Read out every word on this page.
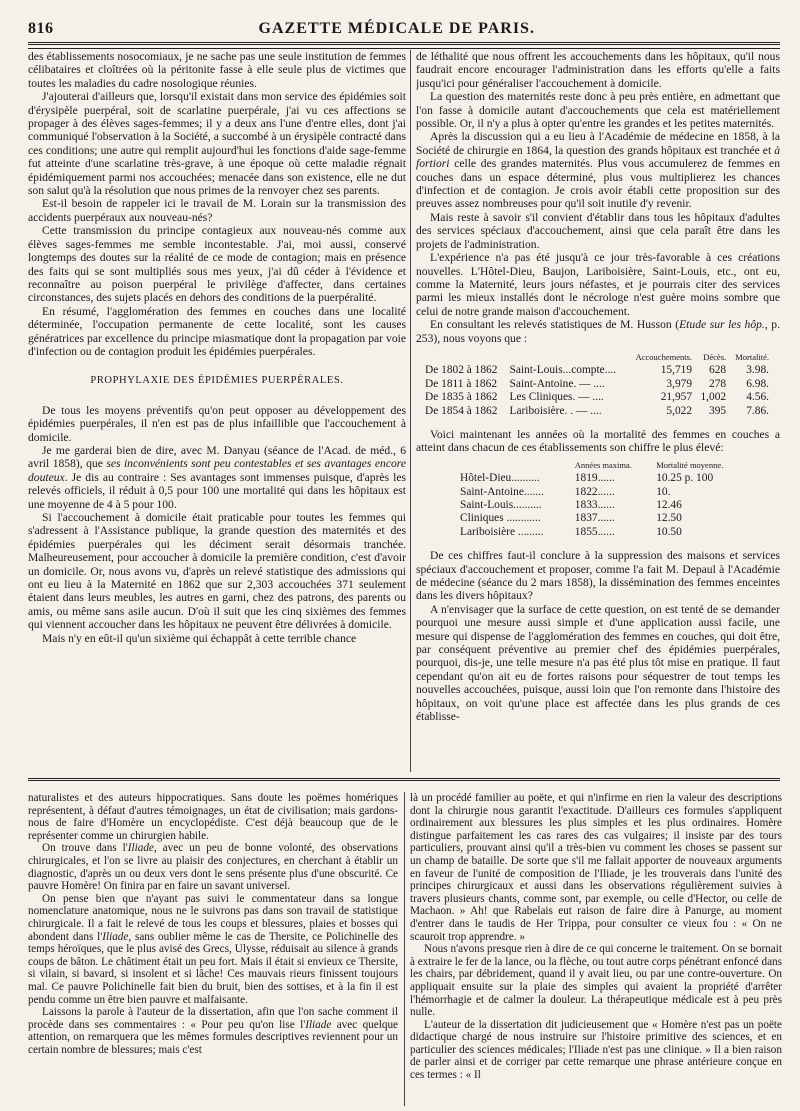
816	GAZETTE MÉDICALE DE PARIS.

des établissements nosocomiaux, je ne sache pas une seule institution de femmes célibataires et cloîtrées où la péritonite fasse à elle seule plus de victimes que toutes les maladies du cadre nosologique réunies.

J'ajouterai d'ailleurs que, lorsqu'il existait dans mon service des épidémies soit d'érysipèle puerpéral, soit de scarlatine puerpérale, j'ai vu ces affections se propager à des élèves sages-femmes; il y a deux ans l'une d'entre elles, dont j'ai communiqué l'observation à la Société, a succombé à un érysipèle contracté dans ces conditions; une autre qui remplit aujourd'hui les fonctions d'aide sage-femme fut atteinte d'une scarlatine très-grave, à une époque où cette maladie régnait épidémiquement parmi nos accouchées; menacée dans son existence, elle ne dut son salut qu'à la résolution que nous primes de la renvoyer chez ses parents.

Est-il besoin de rappeler ici le travail de M. Lorain sur la transmission des accidents puerpéraux aux nouveau-nés?

Cette transmission du principe contagieux aux nouveau-nés comme aux élèves sages-femmes me semble incontestable. J'ai, moi aussi, conservé longtemps des doutes sur la réalité de ce mode de contagion; mais en présence des faits qui se sont multipliés sous mes yeux, j'ai dû céder à l'évidence et reconnaître au poison puerpéral le privilège d'affecter, dans certaines circonstances, des sujets placés en dehors des conditions de la puerpéralité.

En résumé, l'agglomération des femmes en couches dans une localité déterminée, l'occupation permanente de cette localité, sont les causes génératrices par excellence du principe miasmatique dont la propagation par voie d'infection ou de contagion produit les épidémies puerpérales.

PROPHYLAXIE DES ÉPIDÉMIES PUERPÉRALES.

De tous les moyens préventifs qu'on peut opposer au développement des épidémies puerpérales, il n'en est pas de plus infaillible que l'accouchement à domicile.

Je me garderai bien de dire, avec M. Danyau (séance de l'Acad. de méd., 6 avril 1858), que ses inconvénients sont peu contestables et ses avantages encore douteux. Je dis au contraire : Ses avantages sont immenses puisque, d'après les relevés officiels, il réduit à 0,5 pour 100 une mortalité qui dans les hôpitaux est une moyenne de 4 à 5 pour 100.

Si l'accouchement à domicile était praticable pour toutes les femmes qui s'adressent à l'Assistance publique, la grande question des maternités et des épidémies puerpérales qui les déciment serait désormais tranchée. Malheureusement, pour accoucher à domicile la première condition, c'est d'avoir un domicile. Or, nous avons vu, d'après un relevé statistique des admissions qui ont eu lieu à la Maternité en 1862 que sur 2,303 accouchées 371 seulement étaient dans leurs meubles, les autres en garni, chez des patrons, des parents ou amis, ou même sans asile aucun. D'où il suit que les cinq sixièmes des femmes qui viennent accoucher dans les hôpitaux ne peuvent être délivrées à domicile.

Mais n'y en eût-il qu'un sixième qui échappât à cette terrible chance

de léthalité que nous offrent les accouchements dans les hôpitaux, qu'il nous faudrait encore encourager l'administration dans les efforts qu'elle a faits jusqu'ici pour généraliser l'accouchement à domicile.

La question des maternités reste donc à peu près entière, en admettant que l'on fasse à domicile autant d'accouchements que cela est matériellement possible. Or, il n'y a plus à opter qu'entre les grandes et les petites maternités.

Après la discussion qui a eu lieu à l'Académie de médecine en 1858, à la Société de chirurgie en 1864, la question des grands hôpitaux est tranchée et à fortiori celle des grandes maternités. Plus vous accumulerez de femmes en couches dans un espace déterminé, plus vous multiplierez les chances d'infection et de contagion. Je crois avoir établi cette proposition sur des preuves assez nombreuses pour qu'il soit inutile d'y revenir.

Mais reste à savoir s'il convient d'établir dans tous les hôpitaux d'adultes des services spéciaux d'accouchement, ainsi que cela paraît être dans les projets de l'administration.

L'expérience n'a pas été jusqu'à ce jour très-favorable à ces créations nouvelles. L'Hôtel-Dieu, Baujon, Lariboisière, Saint-Louis, etc., ont eu, comme la Maternité, leurs jours néfastes, et je pourrais citer des services parmi les mieux installés dont le nécrologe n'est guère moins sombre que celui de notre grande maison d'accouchement.

En consultant les relevés statistiques de M. Husson (Etude sur les hôp., p. 253), nous voyons que :

		Accouchements.	Décès.	Mortalité.
De 1802 à 1862	Saint-Louis...compte....	15,719	628	3.98.
De 1811 à 1862	Saint-Antoine. — ....	3,979	278	6.98.
De 1835 à 1862	Les Cliniques. — ....	21,957	1,002	4.56.
De 1854 à 1862	Lariboisière. . — ....	5,022	395	7.86.

Voici maintenant les années où la mortalité des femmes en couches a atteint dans chacun de ces établissements son chiffre le plus élevé:

	Années maxima.	Mortalité moyenne.
Hôtel-Dieu..........	1819......	10.25 p. 100
Saint-Antoine.......	1822......	10.
Saint-Louis..........	1833......	12.46
Cliniques ............	1837......	12.50
Lariboisière .........	1855......	10.50

De ces chiffres faut-il conclure à la suppression des maisons et services spéciaux d'accouchement et proposer, comme l'a fait M. Depaul à l'Académie de médecine (séance du 2 mars 1858), la dissémination des femmes enceintes dans les divers hôpitaux?

A n'envisager que la surface de cette question, on est tenté de se demander pourquoi une mesure aussi simple et d'une application aussi facile, une mesure qui dispense de l'agglomération des femmes en couches, qui doit être, par conséquent préventive au premier chef des épidémies puerpérales, pourquoi, dis-je, une telle mesure n'a pas été plus tôt mise en pratique. Il faut cependant qu'on ait eu de fortes raisons pour séquestrer de tout temps les nouvelles accouchées, puisque, aussi loin que l'on remonte dans l'histoire des hôpitaux, on voit qu'une place est affectée dans les plus grands de ces établisse-

naturalistes et des auteurs hippocratiques. Sans doute les poëmes homériques représentent, à défaut d'autres témoignages, un état de civilisation; mais gardons-nous de faire d'Homère un encyclopédiste. C'est déjà beaucoup que de le représenter comme un chirurgien habile.

On trouve dans l'Iliade, avec un peu de bonne volonté, des observations chirurgicales, et l'on se livre au plaisir des conjectures, en cherchant à établir un diagnostic, d'après un ou deux vers dont le sens présente plus d'une obscurité. Ce pauvre Homère! On finira par en faire un savant universel.

On pense bien que n'ayant pas suivi le commentateur dans sa longue nomenclature anatomique, nous ne le suivrons pas dans son travail de statistique chirurgicale. Il a fait le relevé de tous les coups et blessures, plaies et bosses qui abondent dans l'Iliade, sans oublier même le cas de Thersite, ce Polichinelle des temps héroïques, que le plus avisé des Grecs, Ulysse, réduisait au silence à grands coups de bâton. Le châtiment était un peu fort. Mais il était si envieux ce Thersite, si vilain, si bavard, si insolent et si lâche! Ces mauvais rieurs finissent toujours mal. Ce pauvre Polichinelle fait bien du bruit, bien des sottises, et à la fin il est pendu comme un être bien pauvre et malfaisante.

Laissons la parole à l'auteur de la dissertation, afin que l'on sache comment il procède dans ses commentaires : « Pour peu qu'on lise l'Iliade avec quelque attention, on remarquera que les mêmes formules descriptives reviennent pour un certain nombre de blessures; mais c'est

là un procédé familier au poëte, et qui n'infirme en rien la valeur des descriptions dont la chirurgie nous garantit l'exactitude. D'ailleurs ces formules s'appliquent ordinairement aux blessures les plus simples et les plus ordinaires. Homère distingue parfaitement les cas rares des cas vulgaires; il insiste par des tours particuliers, prouvant ainsi qu'il a très-bien vu comment les choses se passent sur un champ de bataille. De sorte que s'il me fallait apporter de nouveaux arguments en faveur de l'unité de composition de l'Iliade, je les trouverais dans l'unité des principes chirurgicaux et aussi dans les observations régulièrement suivies à travers plusieurs chants, comme sont, par exemple, ou celle d'Hector, ou celle de Machaon. » Ah! que Rabelais eut raison de faire dire à Panurge, au moment d'entrer dans le taudis de Her Trippa, pour consulter ce vieux fou : « On ne scauroit trop apprendre. »

Nous n'avons presque rien à dire de ce qui concerne le traitement. On se bornait à extraire le fer de la lance, ou la flèche, ou tout autre corps pénétrant enfoncé dans les chairs, par débridement, quand il y avait lieu, ou par une contre-ouverture. On appliquait ensuite sur la plaie des simples qui avaient la propriété d'arrêter l'hémorrhagie et de calmer la douleur. La thérapeutique médicale est à peu près nulle.

L'auteur de la dissertation dit judicieusement que « Homère n'est pas un poëte didactique chargé de nous instruire sur l'histoire primitive des sciences, et en particulier des sciences médicales; l'Iliade n'est pas une clinique. » Il a bien raison de parler ainsi et de corriger par cette remarque une phrase antérieure conçue en ces termes : « Il
